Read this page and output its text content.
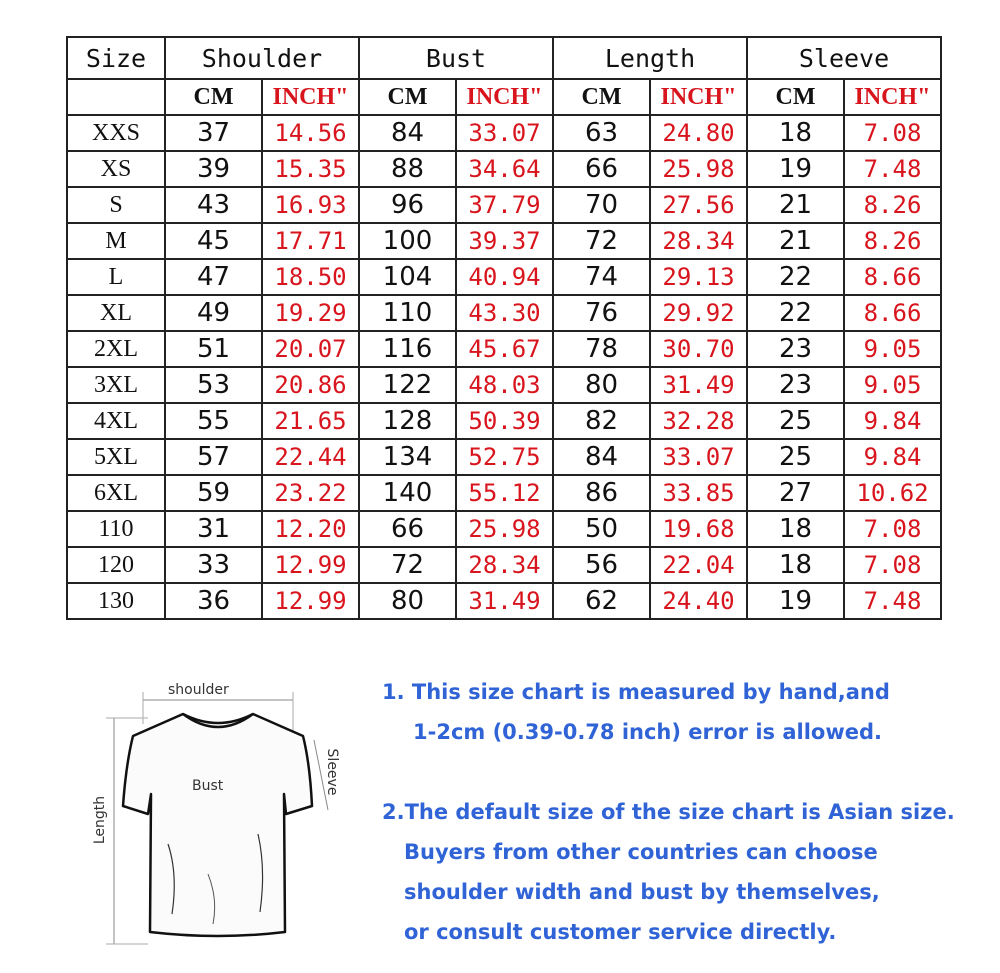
Size	Shoulder		Bust		Length		Sleeve	
	CM	INCH"	CM	INCH"	CM	INCH"	CM	INCH"
XXS	37	14.56	84	33.07	63	24.80	18	7.08
XS	39	15.35	88	34.64	66	25.98	19	7.48
S	43	16.93	96	37.79	70	27.56	21	8.26
M	45	17.71	100	39.37	72	28.34	21	8.26
L	47	18.50	104	40.94	74	29.13	22	8.66
XL	49	19.29	110	43.30	76	29.92	22	8.66
2XL	51	20.07	116	45.67	78	30.70	23	9.05
3XL	53	20.86	122	48.03	80	31.49	23	9.05
4XL	55	21.65	128	50.39	82	32.28	25	9.84
5XL	57	22.44	134	52.75	84	33.07	25	9.84
6XL	59	23.22	140	55.12	86	33.85	27	10.62
110	31	12.20	66	25.98	50	19.68	18	7.08
120	33	12.99	72	28.34	56	22.04	18	7.08
130	36	12.99	80	31.49	62	24.40	19	7.48
shoulder
Bust
Length
Sleeve
1. This size chart is measured by hand,and
1-2cm (0.39-0.78 inch) error is allowed.
2.The default size of the size chart is Asian size.
Buyers from other countries can choose
shoulder width and bust by themselves,
or consult customer service directly.
